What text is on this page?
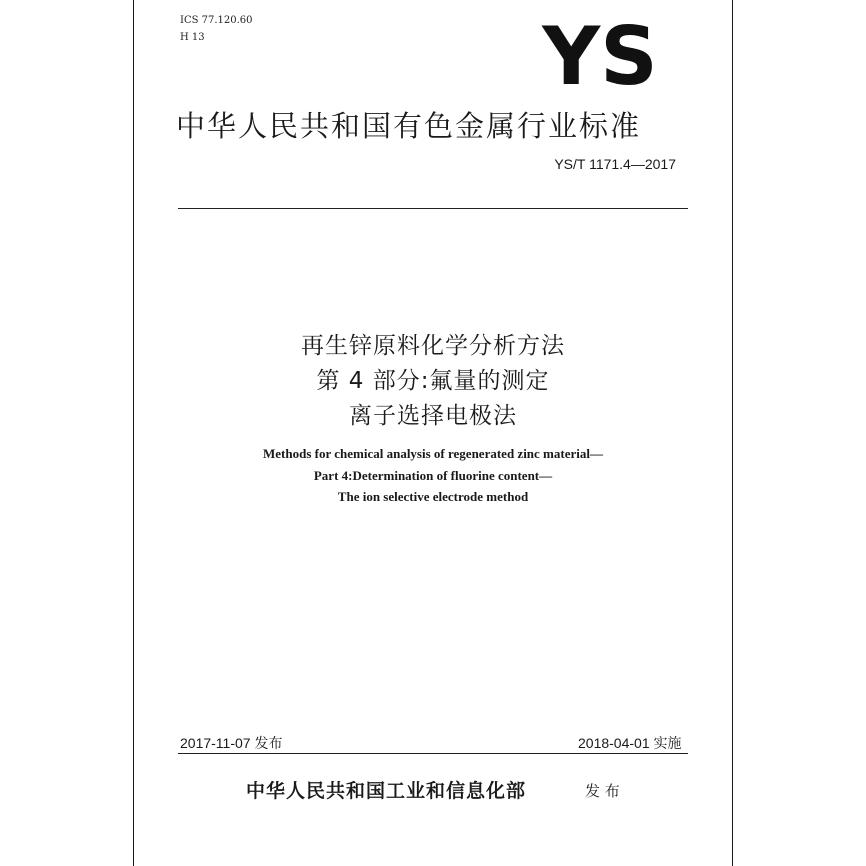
ICS 77.120.60
H 13	YS
中华人民共和国有色金属行业标准
YS/T 1171.4—2017
再生锌原料化学分析方法
第 4 部分:氟量的测定
离子选择电极法
Methods for chemical analysis of regenerated zinc material—
Part 4:Determination of fluorine content—
The ion selective electrode method
2017-11-07 发布	2018-04-01 实施
中华人民共和国工业和信息化部	发 布
